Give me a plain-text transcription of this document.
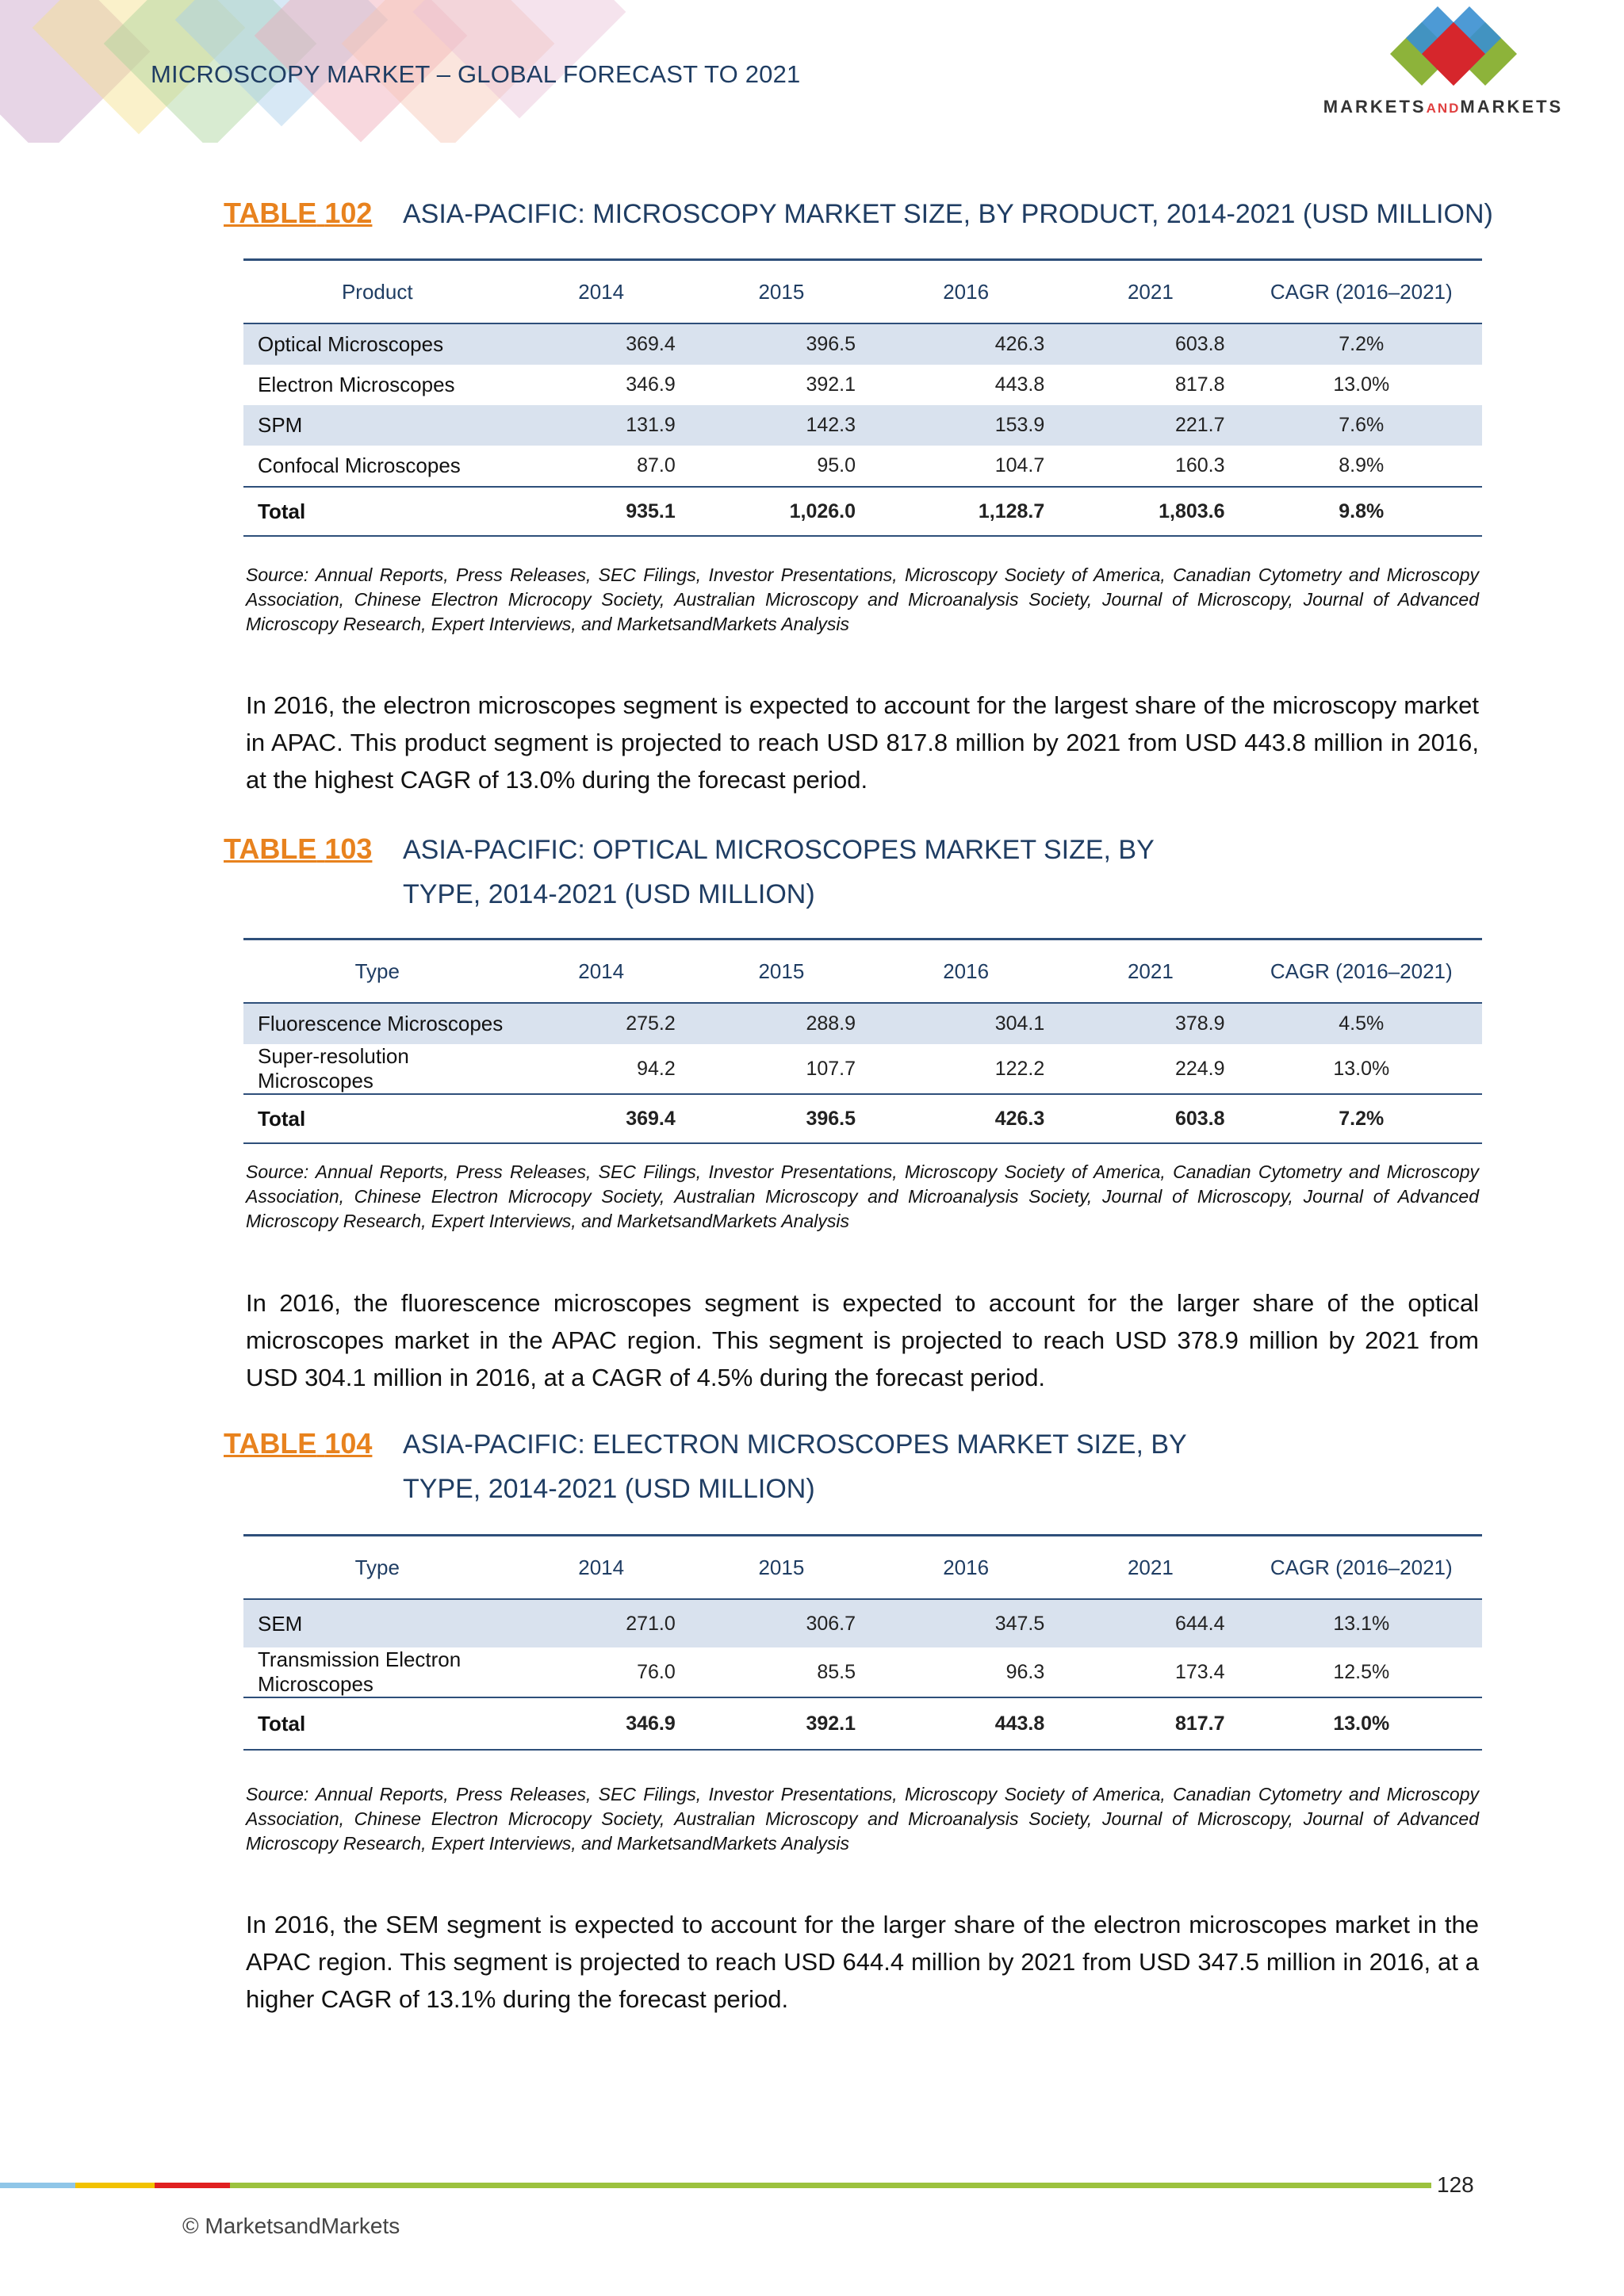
MICROSCOPY MARKET – GLOBAL FORECAST TO 2021
MARKETSANDMARKETS
TABLE 102 ASIA-PACIFIC: MICROSCOPY MARKET SIZE, BY PRODUCT, 2014-2021 (USD MILLION)
Product	2014	2015	2016	2021	CAGR (2016–2021)
Optical Microscopes	369.4	396.5	426.3	603.8	7.2%
Electron Microscopes	346.9	392.1	443.8	817.8	13.0%
SPM	131.9	142.3	153.9	221.7	7.6%
Confocal Microscopes	87.0	95.0	104.7	160.3	8.9%
Total	935.1	1,026.0	1,128.7	1,803.6	9.8%
Source: Annual Reports, Press Releases, SEC Filings, Investor Presentations, Microscopy Society of America, Canadian Cytometry and Microscopy Association, Chinese Electron Microcopy Society, Australian Microscopy and Microanalysis Society, Journal of Microscopy, Journal of Advanced Microscopy Research, Expert Interviews, and MarketsandMarkets Analysis
In 2016, the electron microscopes segment is expected to account for the largest share of the microscopy market in APAC. This product segment is projected to reach USD 817.8 million by 2021 from USD 443.8 million in 2016, at the highest CAGR of 13.0% during the forecast period.
TABLE 103 ASIA-PACIFIC: OPTICAL MICROSCOPES MARKET SIZE, BY TYPE, 2014-2021 (USD MILLION)
Type	2014	2015	2016	2021	CAGR (2016–2021)
Fluorescence Microscopes	275.2	288.9	304.1	378.9	4.5%
Super-resolution Microscopes	94.2	107.7	122.2	224.9	13.0%
Total	369.4	396.5	426.3	603.8	7.2%
Source: Annual Reports, Press Releases, SEC Filings, Investor Presentations, Microscopy Society of America, Canadian Cytometry and Microscopy Association, Chinese Electron Microcopy Society, Australian Microscopy and Microanalysis Society, Journal of Microscopy, Journal of Advanced Microscopy Research, Expert Interviews, and MarketsandMarkets Analysis
In 2016, the fluorescence microscopes segment is expected to account for the larger share of the optical microscopes market in the APAC region. This segment is projected to reach USD 378.9 million by 2021 from USD 304.1 million in 2016, at a CAGR of 4.5% during the forecast period.
TABLE 104 ASIA-PACIFIC: ELECTRON MICROSCOPES MARKET SIZE, BY TYPE, 2014-2021 (USD MILLION)
Type	2014	2015	2016	2021	CAGR (2016–2021)
SEM	271.0	306.7	347.5	644.4	13.1%
Transmission Electron Microscopes	76.0	85.5	96.3	173.4	12.5%
Total	346.9	392.1	443.8	817.7	13.0%
Source: Annual Reports, Press Releases, SEC Filings, Investor Presentations, Microscopy Society of America, Canadian Cytometry and Microscopy Association, Chinese Electron Microcopy Society, Australian Microscopy and Microanalysis Society, Journal of Microscopy, Journal of Advanced Microscopy Research, Expert Interviews, and MarketsandMarkets Analysis
In 2016, the SEM segment is expected to account for the larger share of the electron microscopes market in the APAC region. This segment is projected to reach USD 644.4 million by 2021 from USD 347.5 million in 2016, at a higher CAGR of 13.1% during the forecast period.
128
© MarketsandMarkets
